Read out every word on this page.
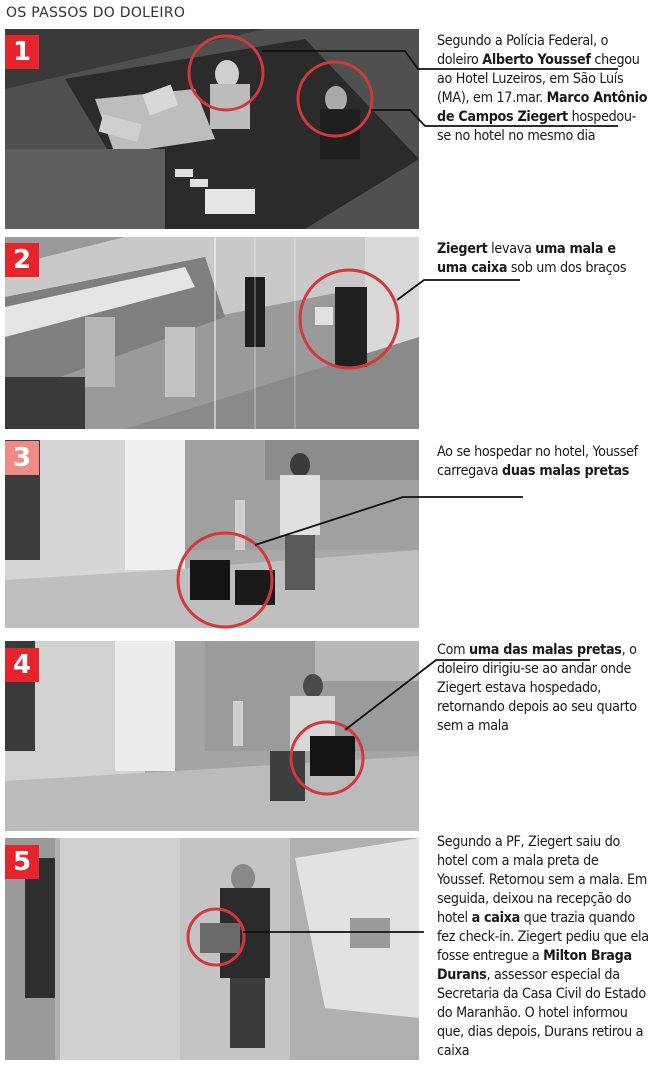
OS PASSOS DO DOLEIRO
1	Segundo a Polícia Federal, o doleiro Alberto Youssef chegou ao Hotel Luzeiros, em São Luís (MA), em 17.mar. Marco Antônio de Campos Ziegert hospedou-se no hotel no mesmo dia
2	Ziegert levava uma mala e uma caixa sob um dos braços
3	Ao se hospedar no hotel, Youssef carregava duas malas pretas
4	Com uma das malas pretas, o doleiro dirigiu-se ao andar onde Ziegert estava hospedado, retornando depois ao seu quarto sem a mala
5
Segundo a PF, Ziegert saiu do hotel com a mala preta de Youssef. Retornou sem a mala. Em seguida, deixou na recepção do hotel a caixa que trazia quando fez check-in. Ziegert pediu que ela fosse entregue a Milton Braga Durans, assessor especial da Secretaria da Casa Civil do Estado do Maranhão. O hotel informou que, dias depois, Durans retirou a caixa
